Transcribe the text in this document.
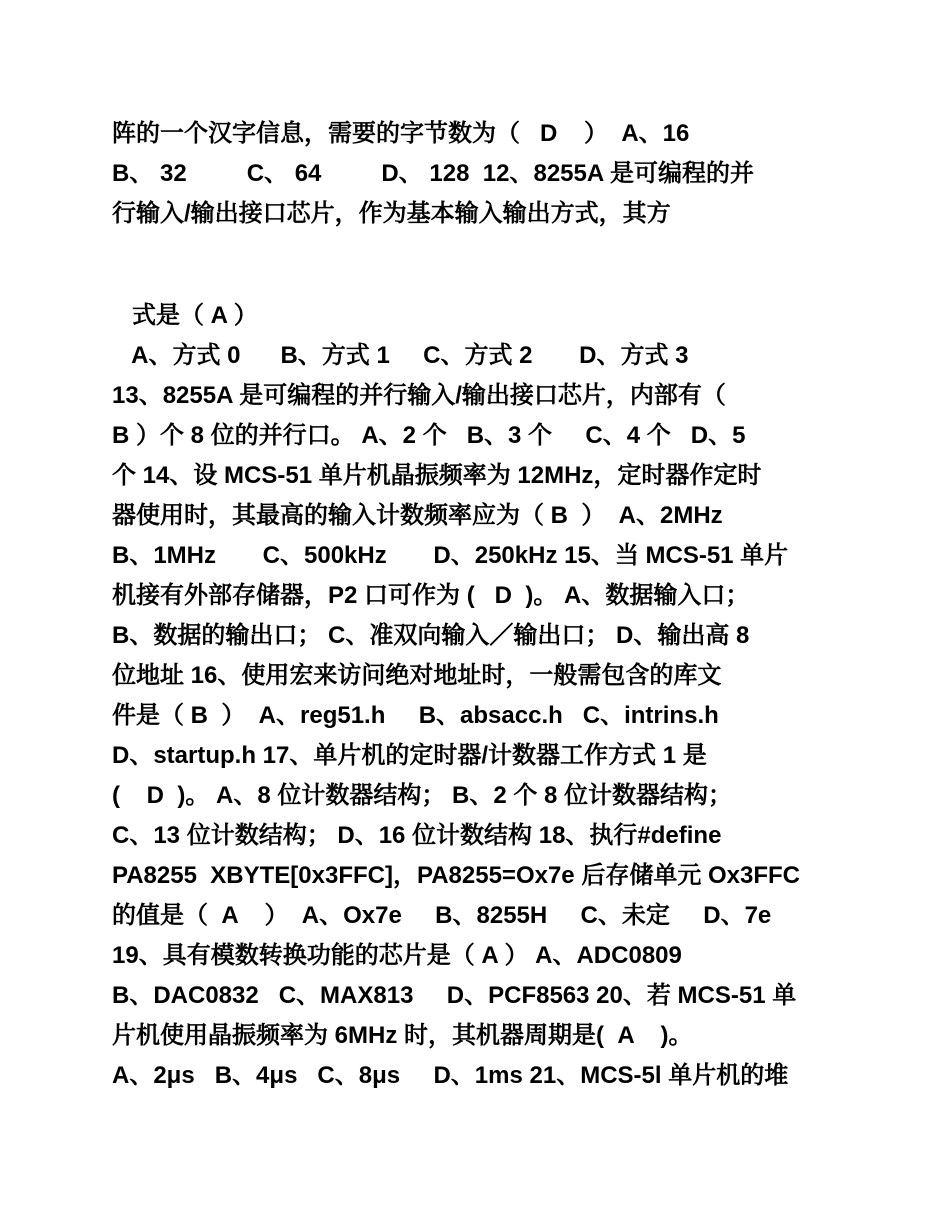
阵的一个汉字信息，需要的字节数为（   D    ）  A、16
B、 32         C、 64         D、 128  12、8255A 是可编程的并
行输入/输出接口芯片，作为基本输入输出方式，其方
式是（ A ）
A、方式 0      B、方式 1     C、方式 2       D、方式 3
13、8255A 是可编程的并行输入/输出接口芯片，内部有（
B ）个 8 位的并行口。 A、2 个   B、3 个     C、4 个   D、5
个 14、设 MCS-51 单片机晶振频率为 12MHz，定时器作定时
器使用时，其最高的输入计数频率应为（ B  ）  A、2MHz
B、1MHz       C、500kHz       D、250kHz 15、当 MCS-51 单片
机接有外部存储器，P2 口可作为 (   D  )。 A、数据输入口；
B、数据的输出口； C、准双向输入／输出口； D、输出高 8
位地址 16、使用宏来访问绝对地址时，一般需包含的库文
件是（ B  ）  A、reg51.h     B、absacc.h   C、intrins.h
D、startup.h 17、单片机的定时器/计数器工作方式 1 是
(    D  )。 A、8 位计数器结构； B、2 个 8 位计数器结构；
C、13 位计数结构； D、16 位计数结构 18、执行#define
PA8255  XBYTE[0x3FFC]，PA8255=Ox7e 后存储单元 Ox3FFC
的值是（  A    ）  A、Ox7e     B、8255H     C、未定     D、7e
19、具有模数转换功能的芯片是（ A ） A、ADC0809
B、DAC0832   C、MAX813     D、PCF8563 20、若 MCS-51 单
片机使用晶振频率为 6MHz 时，其机器周期是(  A    )。
A、2μs   B、4μs   C、8μs     D、1ms 21、MCS-5l 单片机的堆
